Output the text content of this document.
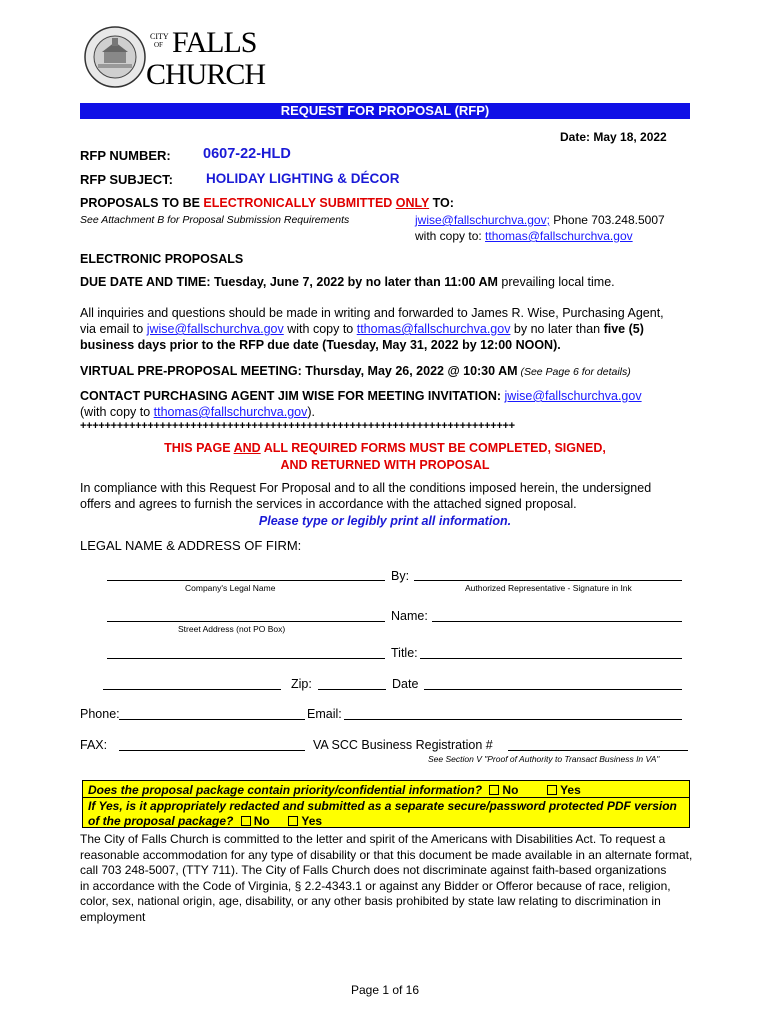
CITY
OF FALLS
CHURCH
REQUEST FOR PROPOSAL (RFP)
Date: May 18, 2022
RFP NUMBER: 0607-22-HLD
RFP SUBJECT: HOLIDAY LIGHTING & DÉCOR
PROPOSALS TO BE ELECTRONICALLY SUBMITTED ONLY TO:
See Attachment B for Proposal Submission Requirements	jwise@fallschurchva.gov; Phone 703.248.5007
with copy to: tthomas@fallschurchva.gov
ELECTRONIC PROPOSALS
DUE DATE AND TIME: Tuesday, June 7, 2022 by no later than 11:00 AM prevailing local time.
All inquiries and questions should be made in writing and forwarded to James R. Wise, Purchasing Agent,
via email to jwise@fallschurchva.gov with copy to tthomas@fallschurchva.gov by no later than five (5)
business days prior to the RFP due date (Tuesday, May 31, 2022 by 12:00 NOON).
VIRTUAL PRE-PROPOSAL MEETING: Thursday, May 26, 2022 @ 10:30 AM (See Page 6 for details)
CONTACT PURCHASING AGENT JIM WISE FOR MEETING INVITATION: jwise@fallschurchva.gov
(with copy to tthomas@fallschurchva.gov).
+++++++++++++++++++++++++++++++++++++++++++++++++++++++++++++++++++++++
THIS PAGE AND ALL REQUIRED FORMS MUST BE COMPLETED, SIGNED,
AND RETURNED WITH PROPOSAL
In compliance with this Request For Proposal and to all the conditions imposed herein, the undersigned
offers and agrees to furnish the services in accordance with the attached signed proposal.
Please type or legibly print all information.
LEGAL NAME & ADDRESS OF FIRM:
By:
Company's Legal Name	Authorized Representative - Signature in Ink
Name:
Street Address (not PO Box)
Title:
Zip:	Date
Phone:	Email:
FAX:	VA SCC Business Registration #
See Section V "Proof of Authority to Transact Business In VA"
Does the proposal package contain priority/confidential information? No	Yes
If Yes, is it appropriately redacted and submitted as a separate secure/password protected PDF version
of the proposal package? No	Yes
The City of Falls Church is committed to the letter and spirit of the Americans with Disabilities Act. To request a
reasonable accommodation for any type of disability or that this document be made available in an alternate format,
call 703 248-5007, (TTY 711). The City of Falls Church does not discriminate against faith-based organizations
in accordance with the Code of Virginia, § 2.2-4343.1 or against any Bidder or Offeror because of race, religion,
color, sex, national origin, age, disability, or any other basis prohibited by state law relating to discrimination in
employment
Page 1 of 16
